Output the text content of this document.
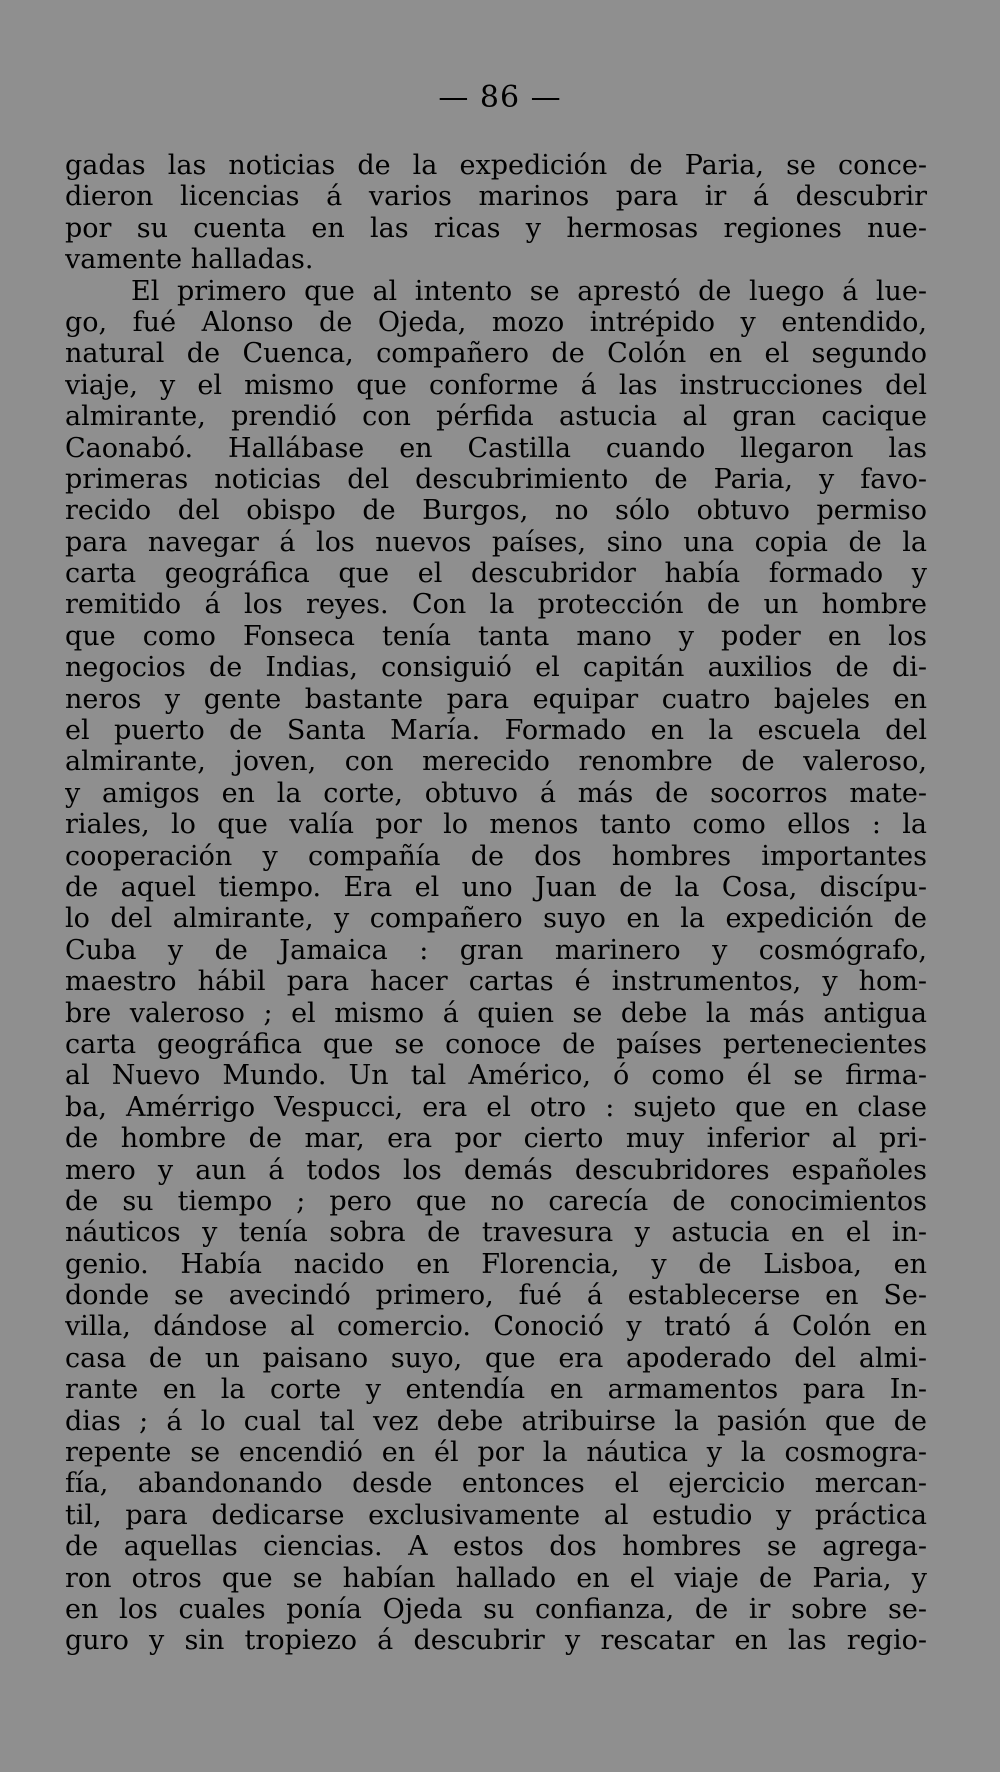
— 86 —
gadas las noticias de la expedición de Paria, se conce-
dieron licencias á varios marinos para ir á descubrir
por su cuenta en las ricas y hermosas regiones nue-
vamente halladas.
El primero que al intento se aprestó de luego á lue-
go, fué Alonso de Ojeda, mozo intrépido y entendido,
natural de Cuenca, compañero de Colón en el segundo
viaje, y el mismo que conforme á las instrucciones del
almirante, prendió con pérfida astucia al gran cacique
Caonabó. Hallábase en Castilla cuando llegaron las
primeras noticias del descubrimiento de Paria, y favo-
recido del obispo de Burgos, no sólo obtuvo permiso
para navegar á los nuevos países, sino una copia de la
carta geográfica que el descubridor había formado y
remitido á los reyes. Con la protección de un hombre
que como Fonseca tenía tanta mano y poder en los
negocios de Indias, consiguió el capitán auxilios de di-
neros y gente bastante para equipar cuatro bajeles en
el puerto de Santa María. Formado en la escuela del
almirante, joven, con merecido renombre de valeroso,
y amigos en la corte, obtuvo á más de socorros mate-
riales, lo que valía por lo menos tanto como ellos : la
cooperación y compañía de dos hombres importantes
de aquel tiempo. Era el uno Juan de la Cosa, discípu-
lo del almirante, y compañero suyo en la expedición de
Cuba y de Jamaica : gran marinero y cosmógrafo,
maestro hábil para hacer cartas é instrumentos, y hom-
bre valeroso ; el mismo á quien se debe la más antigua
carta geográfica que se conoce de países pertenecientes
al Nuevo Mundo. Un tal Américo, ó como él se firma-
ba, Amérrigo Vespucci, era el otro : sujeto que en clase
de hombre de mar, era por cierto muy inferior al pri-
mero y aun á todos los demás descubridores españoles
de su tiempo ; pero que no carecía de conocimientos
náuticos y tenía sobra de travesura y astucia en el in-
genio. Había nacido en Florencia, y de Lisboa, en
donde se avecindó primero, fué á establecerse en Se-
villa, dándose al comercio. Conoció y trató á Colón en
casa de un paisano suyo, que era apoderado del almi-
rante en la corte y entendía en armamentos para In-
dias ; á lo cual tal vez debe atribuirse la pasión que de
repente se encendió en él por la náutica y la cosmogra-
fía, abandonando desde entonces el ejercicio mercan-
til, para dedicarse exclusivamente al estudio y práctica
de aquellas ciencias. A estos dos hombres se agrega-
ron otros que se habían hallado en el viaje de Paria, y
en los cuales ponía Ojeda su confianza, de ir sobre se-
guro y sin tropiezo á descubrir y rescatar en las regio-
